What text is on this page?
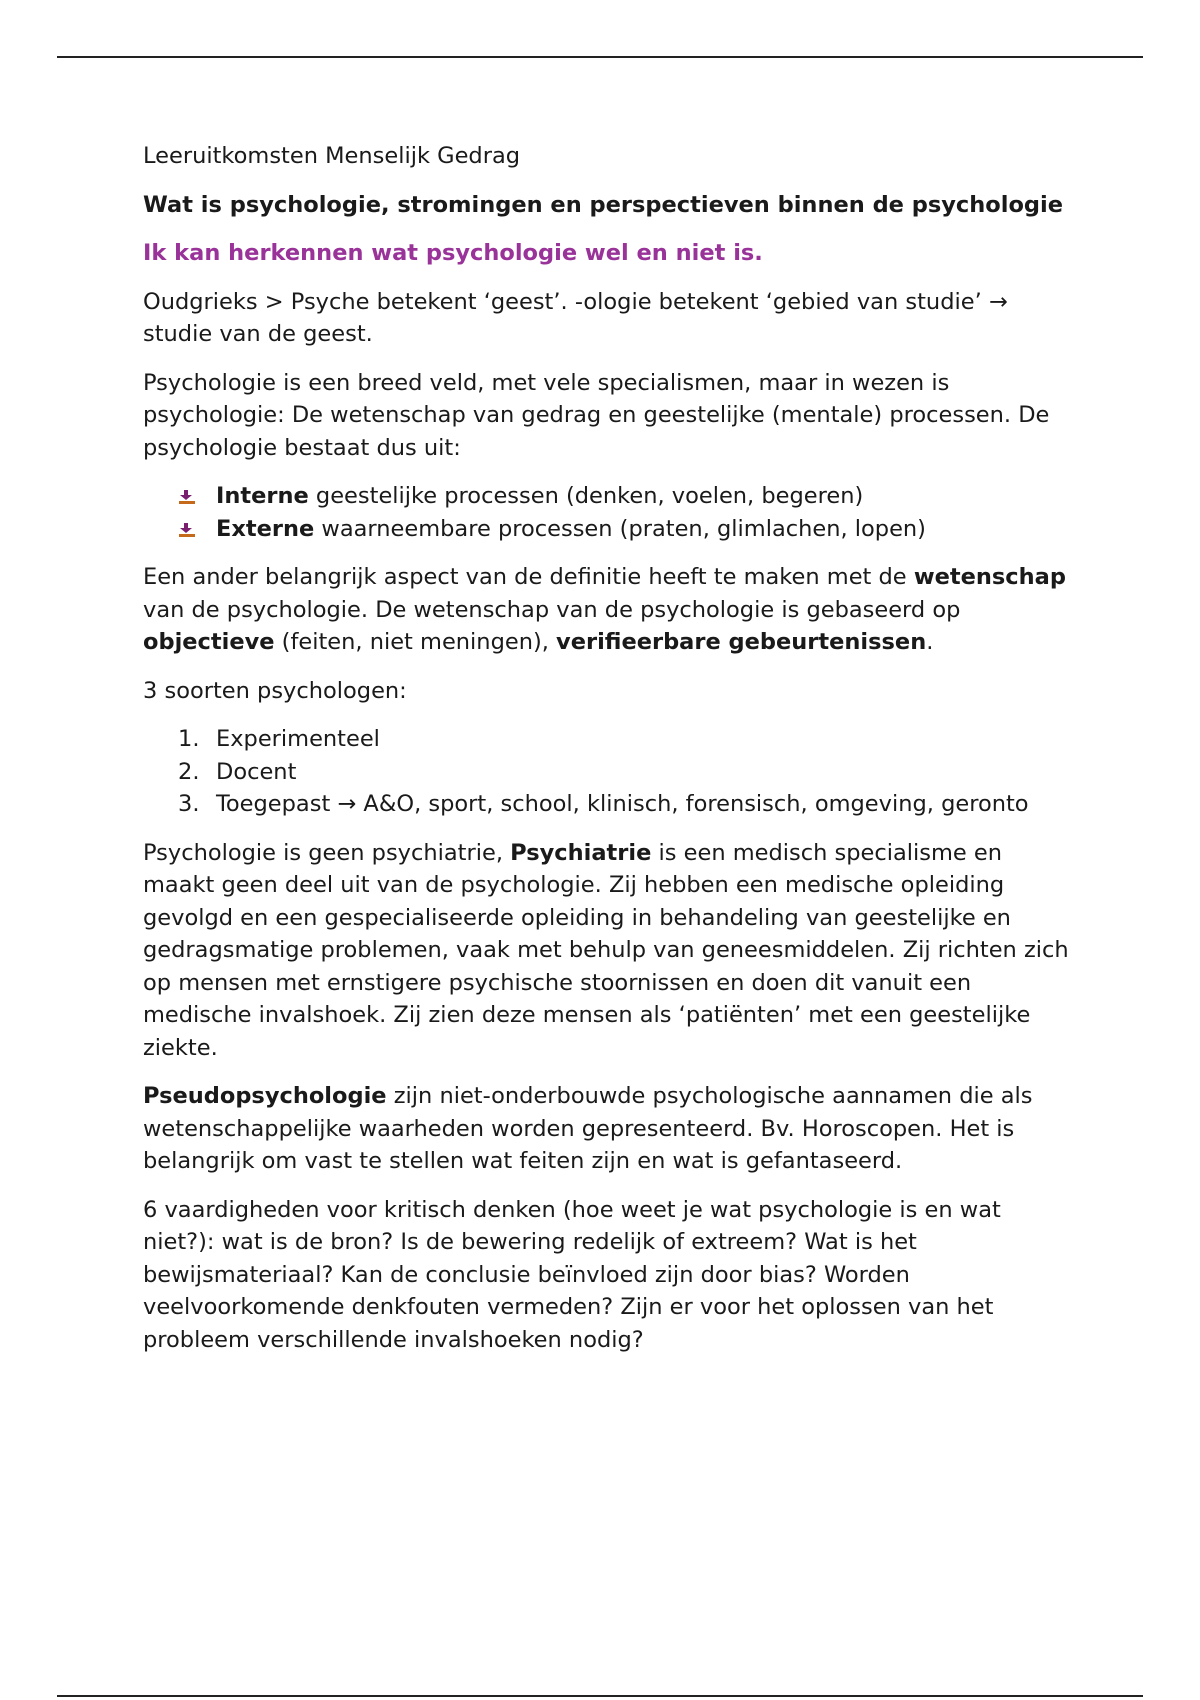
Leeruitkomsten Menselijk Gedrag

Wat is psychologie, stromingen en perspectieven binnen de psychologie

Ik kan herkennen wat psychologie wel en niet is.

Oudgrieks > Psyche betekent ‘geest’. -ologie betekent ‘gebied van studie’ → studie van de geest.

Psychologie is een breed veld, met vele specialismen, maar in wezen is psychologie: De wetenschap van gedrag en geestelijke (mentale) processen. De psychologie bestaat dus uit:

Interne geestelijke processen (denken, voelen, begeren)
Externe waarneembare processen (praten, glimlachen, lopen)

Een ander belangrijk aspect van de definitie heeft te maken met de wetenschap van de psychologie. De wetenschap van de psychologie is gebaseerd op objectieve (feiten, niet meningen), verifieerbare gebeurtenissen.

3 soorten psychologen:

1. Experimenteel
2. Docent
3. Toegepast → A&O, sport, school, klinisch, forensisch, omgeving, geronto

Psychologie is geen psychiatrie, Psychiatrie is een medisch specialisme en maakt geen deel uit van de psychologie. Zij hebben een medische opleiding gevolgd en een gespecialiseerde opleiding in behandeling van geestelijke en gedragsmatige problemen, vaak met behulp van geneesmiddelen. Zij richten zich op mensen met ernstigere psychische stoornissen en doen dit vanuit een medische invalshoek. Zij zien deze mensen als ‘patiënten’ met een geestelijke ziekte.

Pseudopsychologie zijn niet-onderbouwde psychologische aannamen die als wetenschappelijke waarheden worden gepresenteerd. Bv. Horoscopen. Het is belangrijk om vast te stellen wat feiten zijn en wat is gefantaseerd.

6 vaardigheden voor kritisch denken (hoe weet je wat psychologie is en wat niet?): wat is de bron? Is de bewering redelijk of extreem? Wat is het bewijsmateriaal? Kan de conclusie beïnvloed zijn door bias? Worden veelvoorkomende denkfouten vermeden? Zijn er voor het oplossen van het probleem verschillende invalshoeken nodig?
